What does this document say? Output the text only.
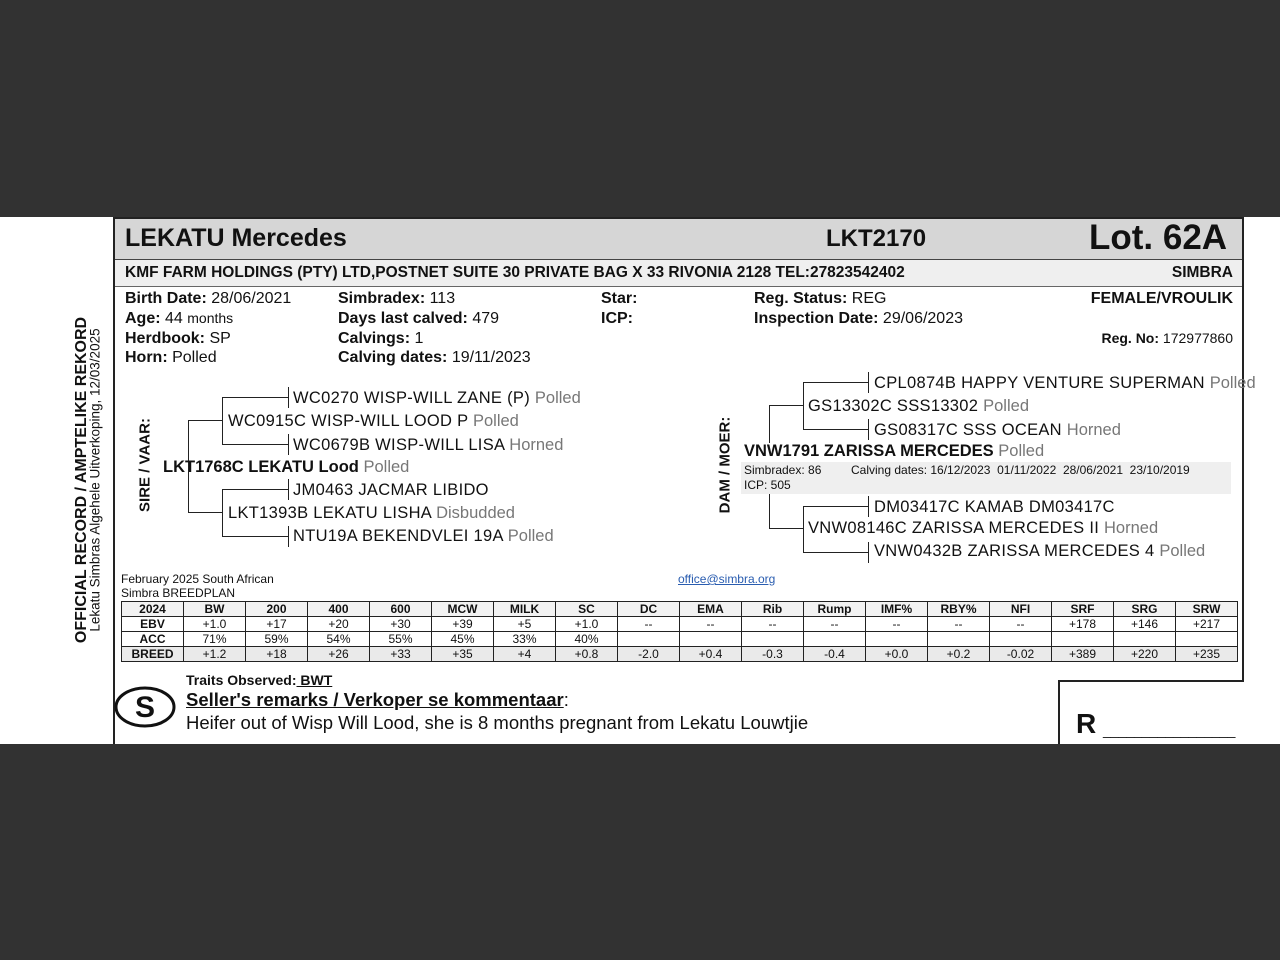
OFFICIAL RECORD / AMPTELIKE REKORD
Lekatu Simbras Algehele Uitverkoping, 12/03/2025
LEKATU Mercedes	LKT2170	Lot. 62A
KMF FARM HOLDINGS (PTY) LTD,POSTNET SUITE 30 PRIVATE BAG X 33 RIVONIA 2128 TEL:27823542402	SIMBRA
Birth Date: 28/06/2021
Age: 44 months
Herdbook: SP
Horn: Polled
Simbradex: 113
Days last calved: 479
Calvings: 1
Calving dates: 19/11/2023
Star:
ICP:
Reg. Status: REG
Inspection Date: 29/06/2023
FEMALE/VROULIK
Reg. No: 172977860
SIRE / VAAR:	DAM / MOER:
WC0270 WISP-WILL ZANE (P) Polled
WC0915C WISP-WILL LOOD P Polled
WC0679B WISP-WILL LISA Horned
LKT1768C LEKATU Lood Polled
JM0463 JACMAR LIBIDO
LKT1393B LEKATU LISHA Disbudded
NTU19A BEKENDVLEI 19A Polled
CPL0874B HAPPY VENTURE SUPERMAN Polled
GS13302C SSS13302 Polled
GS08317C SSS OCEAN Horned
VNW1791 ZARISSA MERCEDES Polled
Simbradex: 86 Calving dates: 16/12/2023  01/11/2022  28/06/2021  23/10/2019
ICP: 505
DM03417C KAMAB DM03417C
VNW08146C ZARISSA MERCEDES II Horned
VNW0432B ZARISSA MERCEDES 4 Polled
February 2025 South African
Simbra BREEDPLAN
office@simbra.org
2024	BW	200	400	600	MCW	MILK	SC	DC	EMA	Rib	Rump	IMF%	RBY%	NFI	SRF	SRG	SRW
EBV	+1.0	+17	+20	+30	+39	+5	+1.0	--	--	--	--	--	--	--	+178	+146	+217
ACC	71%	59%	54%	55%	45%	33%	40%										
BREED	+1.2	+18	+26	+33	+35	+4	+0.8	-2.0	+0.4	-0.3	-0.4	+0.0	+0.2	-0.02	+389	+220	+235
S
Traits Observed: BWT
Seller's remarks / Verkoper se kommentaar:
Heifer out of Wisp Will Lood, she is 8 months pregnant from Lekatu Louwtjie	R _________________
